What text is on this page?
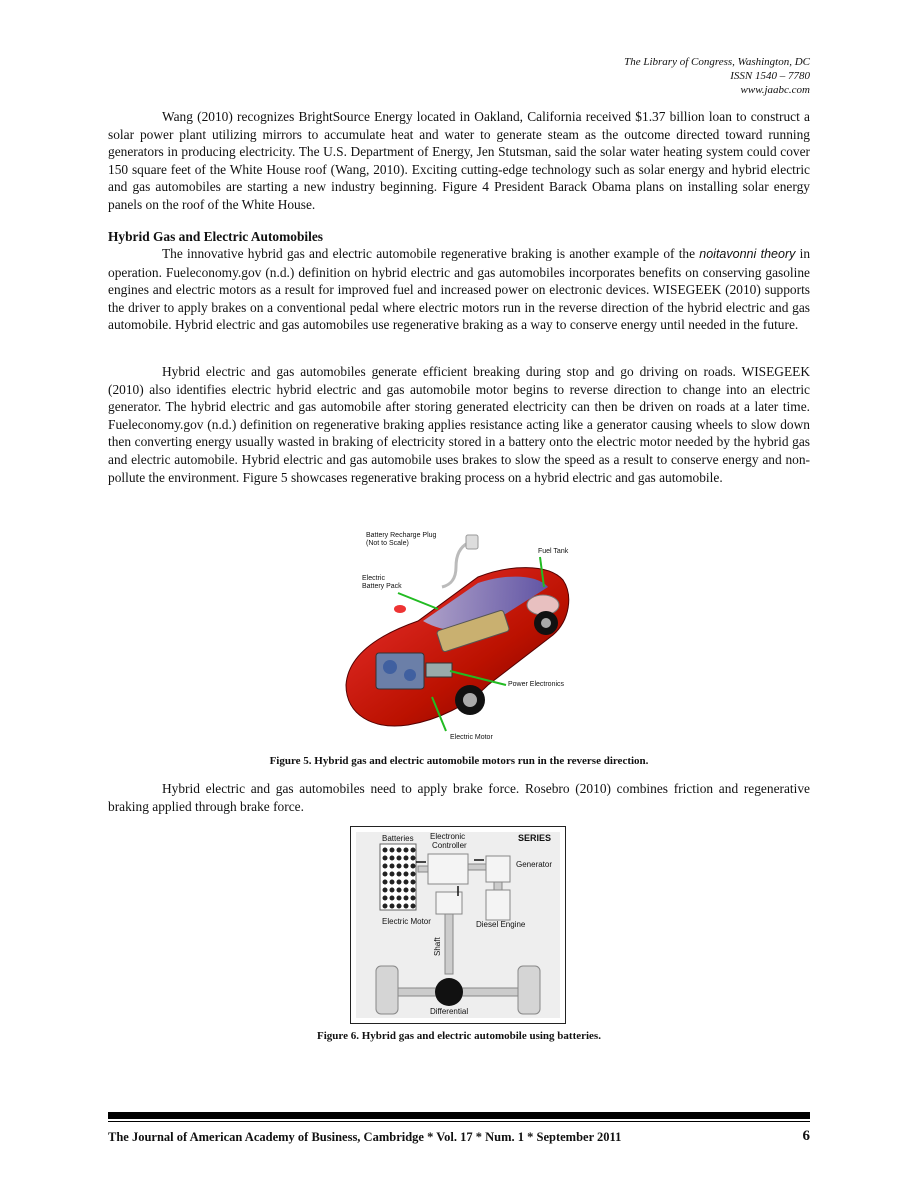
The Library of Congress, Washington, DC
ISSN 1540 – 7780
www.jaabc.com
Wang (2010) recognizes BrightSource Energy located in Oakland, California received $1.37 billion loan to construct a solar power plant utilizing mirrors to accumulate heat and water to generate steam as the outcome directed toward running generators in producing electricity. The U.S. Department of Energy, Jen Stutsman, said the solar water heating system could cover 150 square feet of the White House roof (Wang, 2010). Exciting cutting-edge technology such as solar energy and hybrid electric and gas automobiles are starting a new industry beginning. Figure 4 President Barack Obama plans on installing solar energy panels on the roof of the White House.
Hybrid Gas and Electric Automobiles
The innovative hybrid gas and electric automobile regenerative braking is another example of the noitavonni theory in operation. Fueleconomy.gov (n.d.) definition on hybrid electric and gas automobiles incorporates benefits on conserving gasoline engines and electric motors as a result for improved fuel and increased power on electronic devices. WISEGEEK (2010) supports the driver to apply brakes on a conventional pedal where electric motors run in the reverse direction of the hybrid electric and gas automobile. Hybrid electric and gas automobiles use regenerative braking as a way to conserve energy until needed in the future.
Hybrid electric and gas automobiles generate efficient breaking during stop and go driving on roads. WISEGEEK (2010) also identifies electric hybrid electric and gas automobile motor begins to reverse direction to change into an electric generator. The hybrid electric and gas automobile after storing generated electricity can then be driven on roads at a later time. Fueleconomy.gov (n.d.) definition on regenerative braking applies resistance acting like a generator causing wheels to slow down then converting energy usually wasted in braking of electricity stored in a battery onto the electric motor needed by the hybrid gas and electric automobile. Hybrid electric and gas automobile uses brakes to slow the speed as a result to conserve energy and non-pollute the environment. Figure 5 showcases regenerative braking process on a hybrid electric and gas automobile.
Battery Recharge Plug
(Not to Scale)
Fuel Tank
Electric
Battery Pack
Power Electronics
Electric Motor
Figure 5. Hybrid gas and electric automobile motors run in the reverse direction.
Hybrid electric and gas automobiles need to apply brake force. Rosebro (2010) combines friction and regenerative braking applied through brake force.
SERIES
Batteries Electronic
Controller
Generator
Electric Motor	Diesel Engine
Shaft
Differential
Figure 6. Hybrid gas and electric automobile using batteries.
The Journal of American Academy of Business, Cambridge * Vol. 17 * Num. 1 * September 2011	6
